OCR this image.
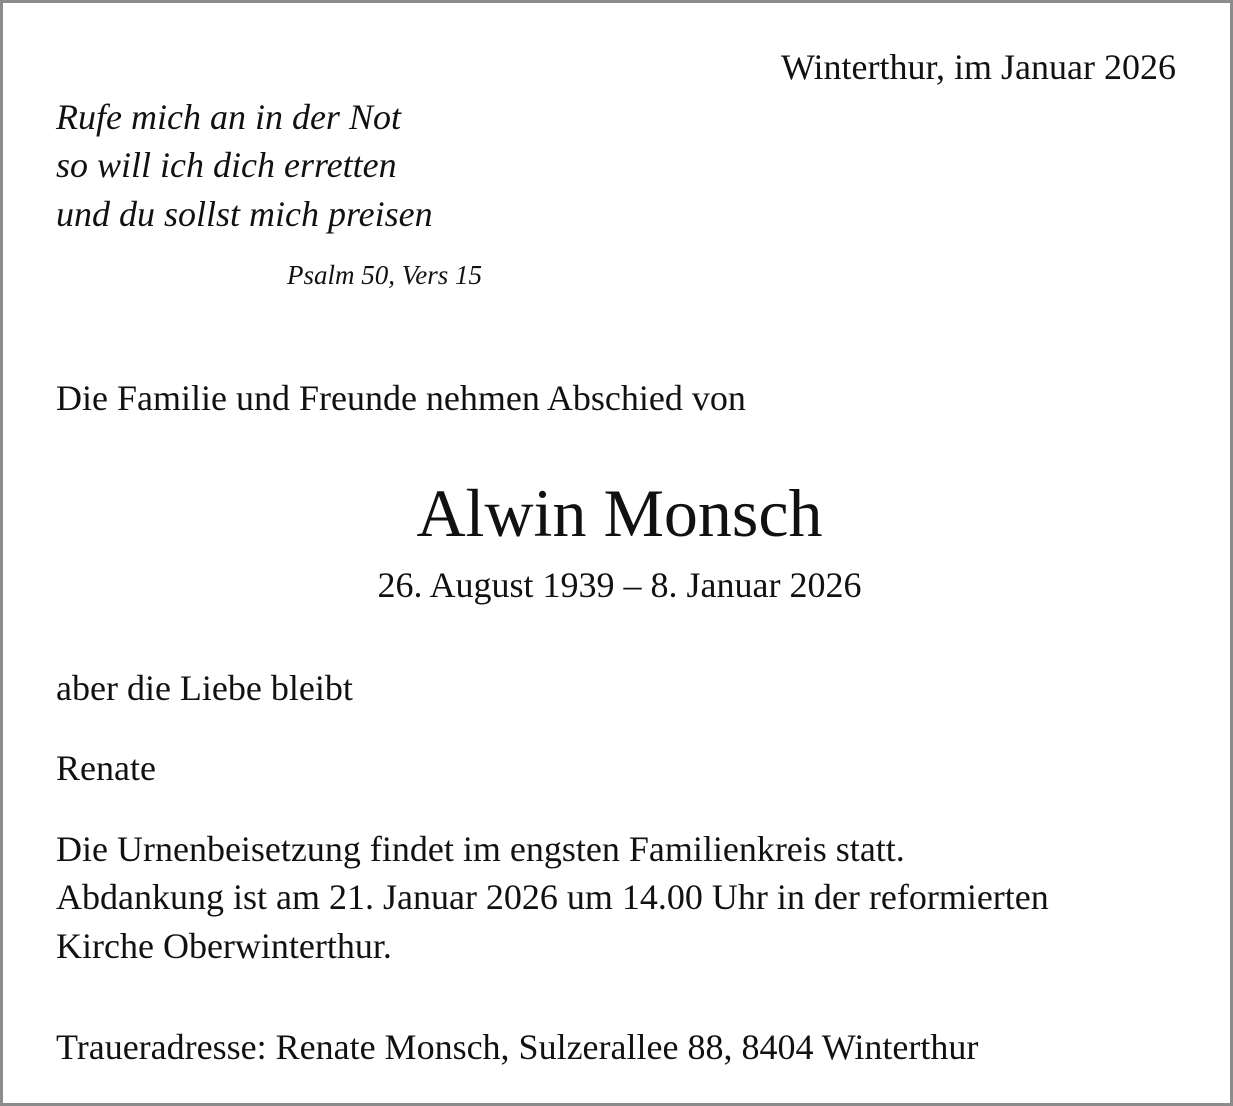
Winterthur, im Januar 2026

Rufe mich an in der Not

so will ich dich erretten

und du sollst mich preisen

Psalm 50, Vers 15

Die Familie und Freunde nehmen Abschied von

Alwin Monsch

26. August 1939 – 8. Januar 2026

aber die Liebe bleibt

Renate

Die Urnenbeisetzung findet im engsten Familienkreis statt.

Abdankung ist am 21. Januar 2026 um 14.00 Uhr in der reformierten

Kirche Oberwinterthur.

Traueradresse: Renate Monsch, Sulzerallee 88, 8404 Winterthur
